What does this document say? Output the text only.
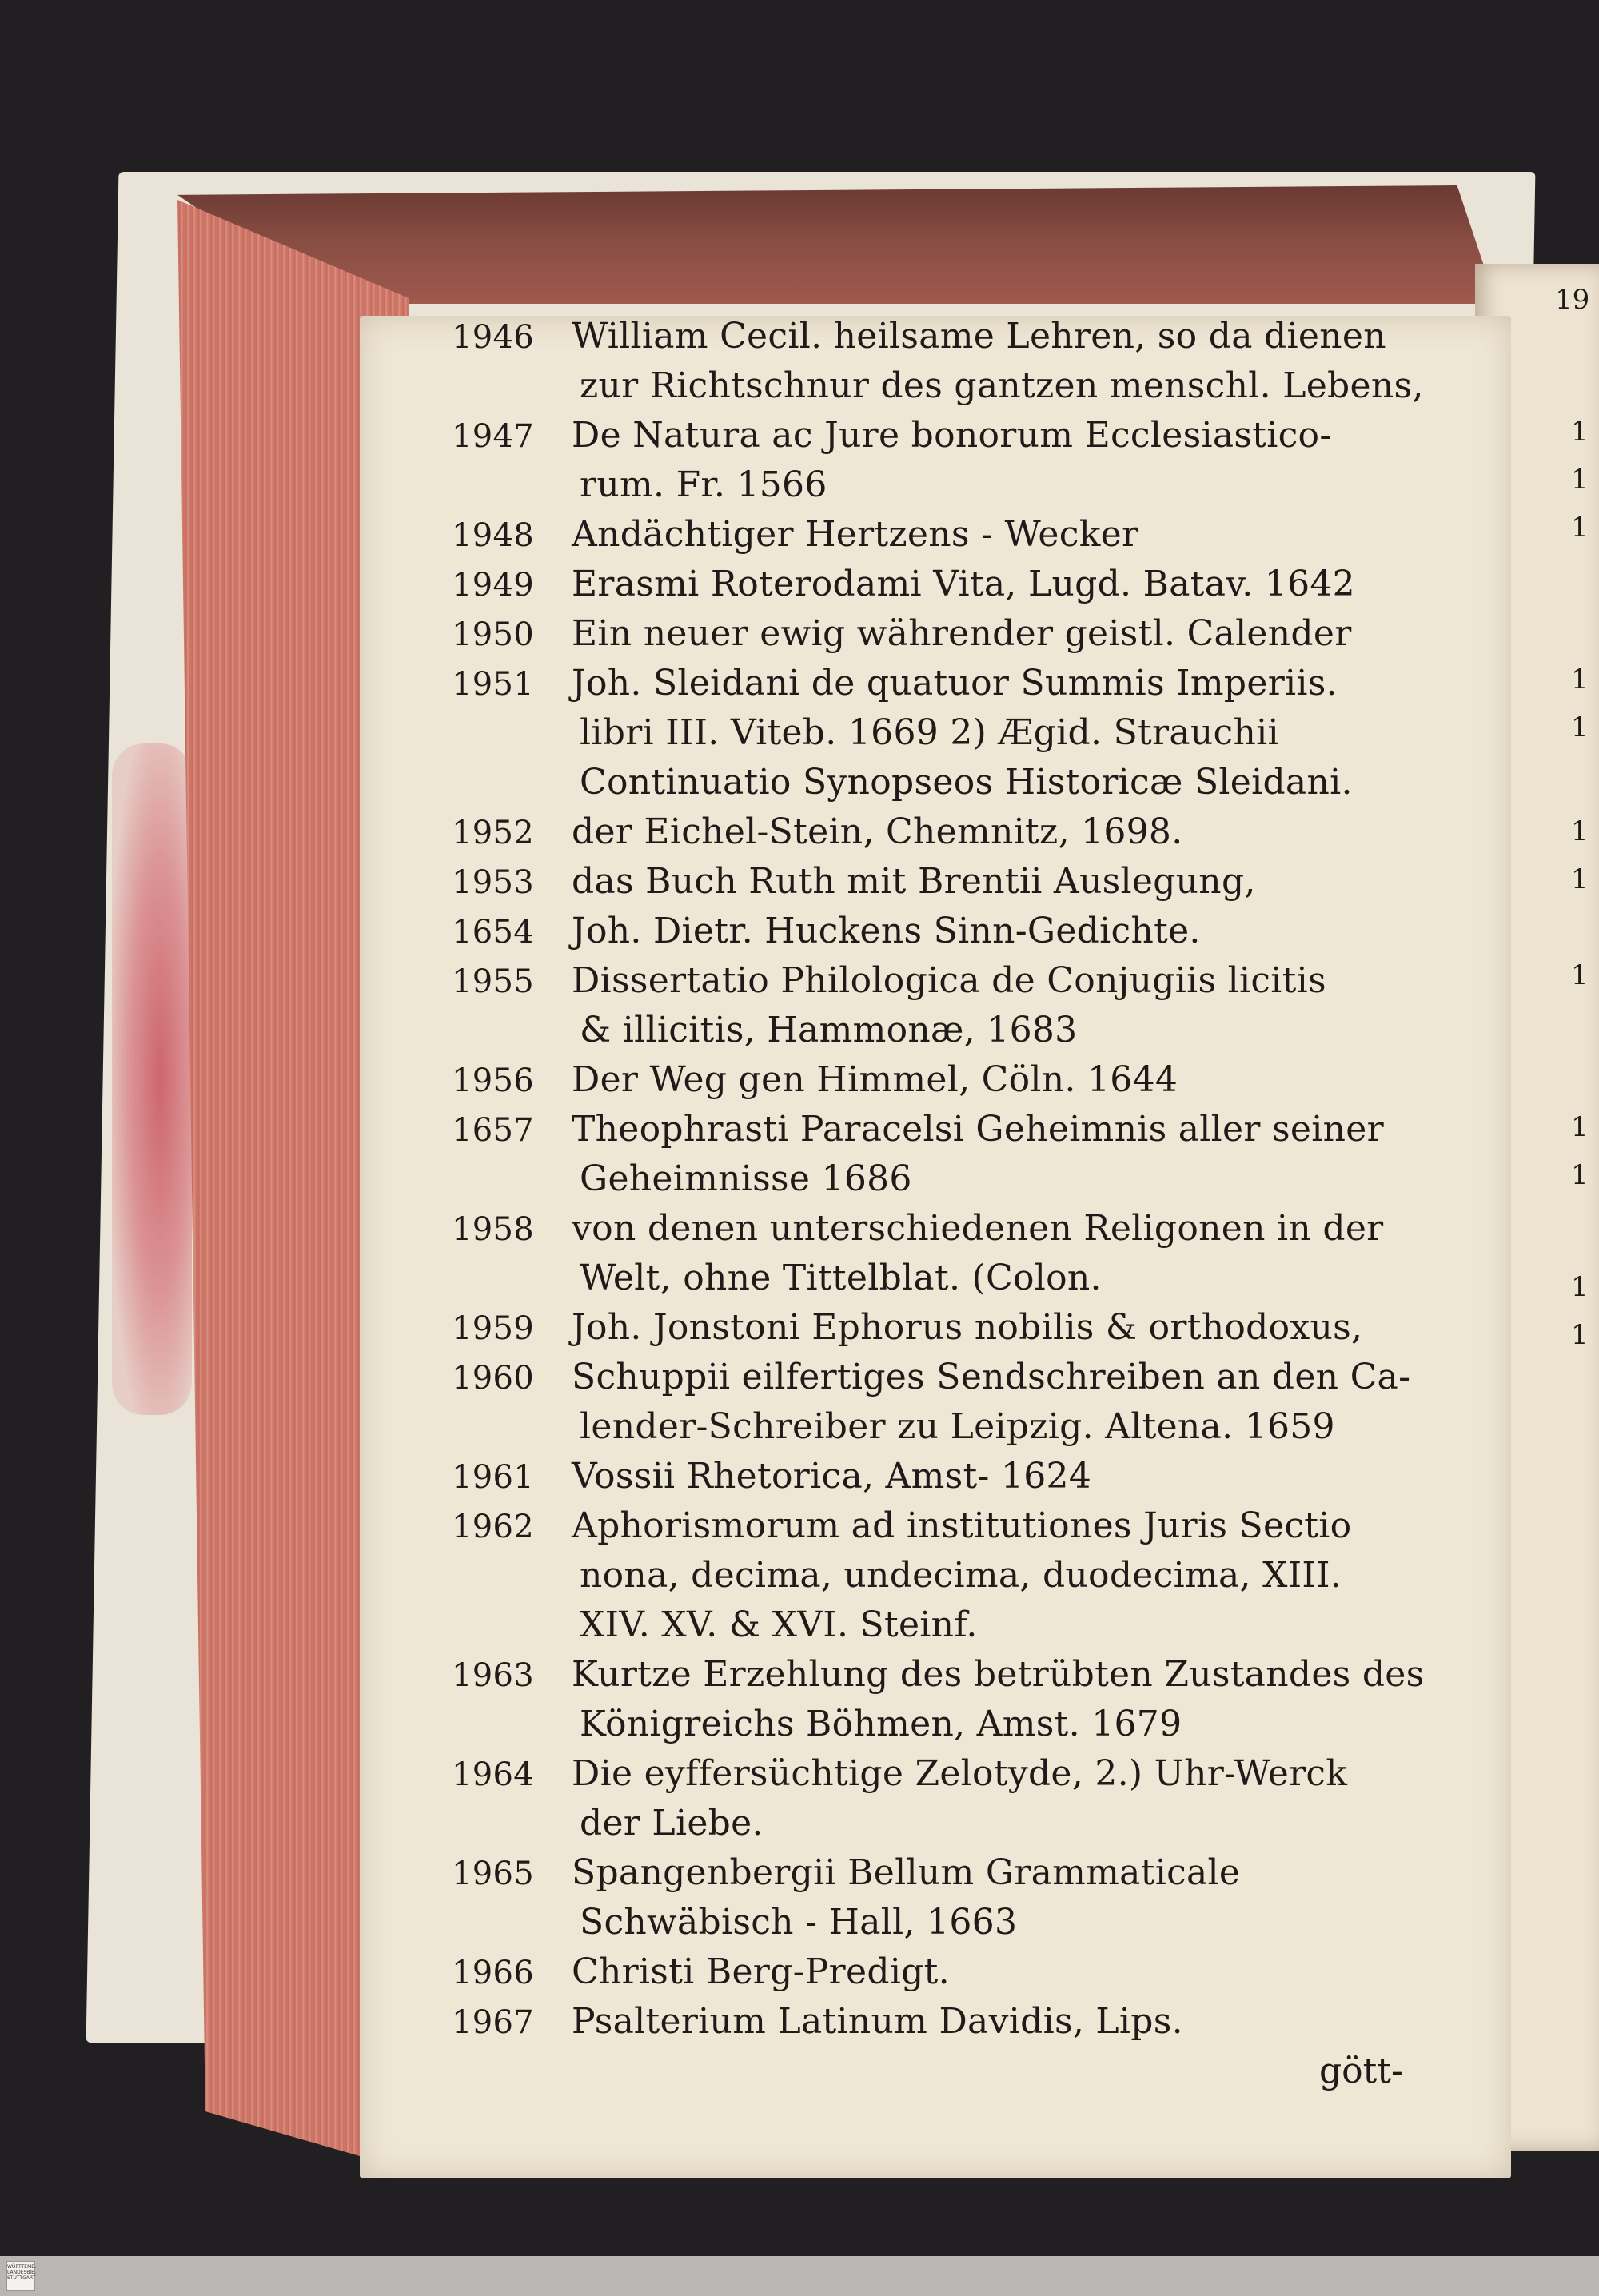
19
1
1
1
1
1
1
1
1
1
1
1
1
1946	William Cecil. heilsame Lehren, so da dienen
zur Richtschnur des gantzen menschl. Lebens,
1947	De Natura ac Jure bonorum Ecclesiastico-
rum. Fr. 1566
1948	Andächtiger Hertzens - Wecker
1949	Erasmi Roterodami Vita, Lugd. Batav. 1642
1950	Ein neuer ewig währender geistl. Calender
1951	Joh. Sleidani de quatuor Summis Imperiis.
libri III. Viteb. 1669 2) Ægid. Strauchii
Continuatio Synopseos Historicæ Sleidani.
1952	der Eichel-Stein, Chemnitz, 1698.
1953	das Buch Ruth mit Brentii Auslegung,
1654	Joh. Dietr. Huckens Sinn-Gedichte.
1955	Dissertatio Philologica de Conjugiis licitis
& illicitis, Hammonæ, 1683
1956	Der Weg gen Himmel, Cöln. 1644
1657	Theophrasti Paracelsi Geheimnis aller seiner
Geheimnisse 1686
1958	von denen unterschiedenen Religonen in der
Welt, ohne Tittelblat. (Colon.
1959	Joh. Jonstoni Ephorus nobilis & orthodoxus,
1960	Schuppii eilfertiges Sendschreiben an den Ca-
lender-Schreiber zu Leipzig. Altena. 1659
1961	Vossii Rhetorica, Amst- 1624
1962	Aphorismorum ad institutiones Juris Sectio
nona, decima, undecima, duodecima, XIII.
XIV. XV. & XVI. Steinf.
1963	Kurtze Erzehlung des betrübten Zustandes des
Königreichs Böhmen, Amst. 1679
1964	Die eyffersüchtige Zelotyde, 2.) Uhr-Werck
der Liebe.
1965	Spangenbergii Bellum Grammaticale
Schwäbisch - Hall, 1663
1966	Christi Berg-Predigt.
1967	Psalterium Latinum Davidis, Lips.
gött-
WÜRTTEMB. LANDESBIB. STUTTGART
